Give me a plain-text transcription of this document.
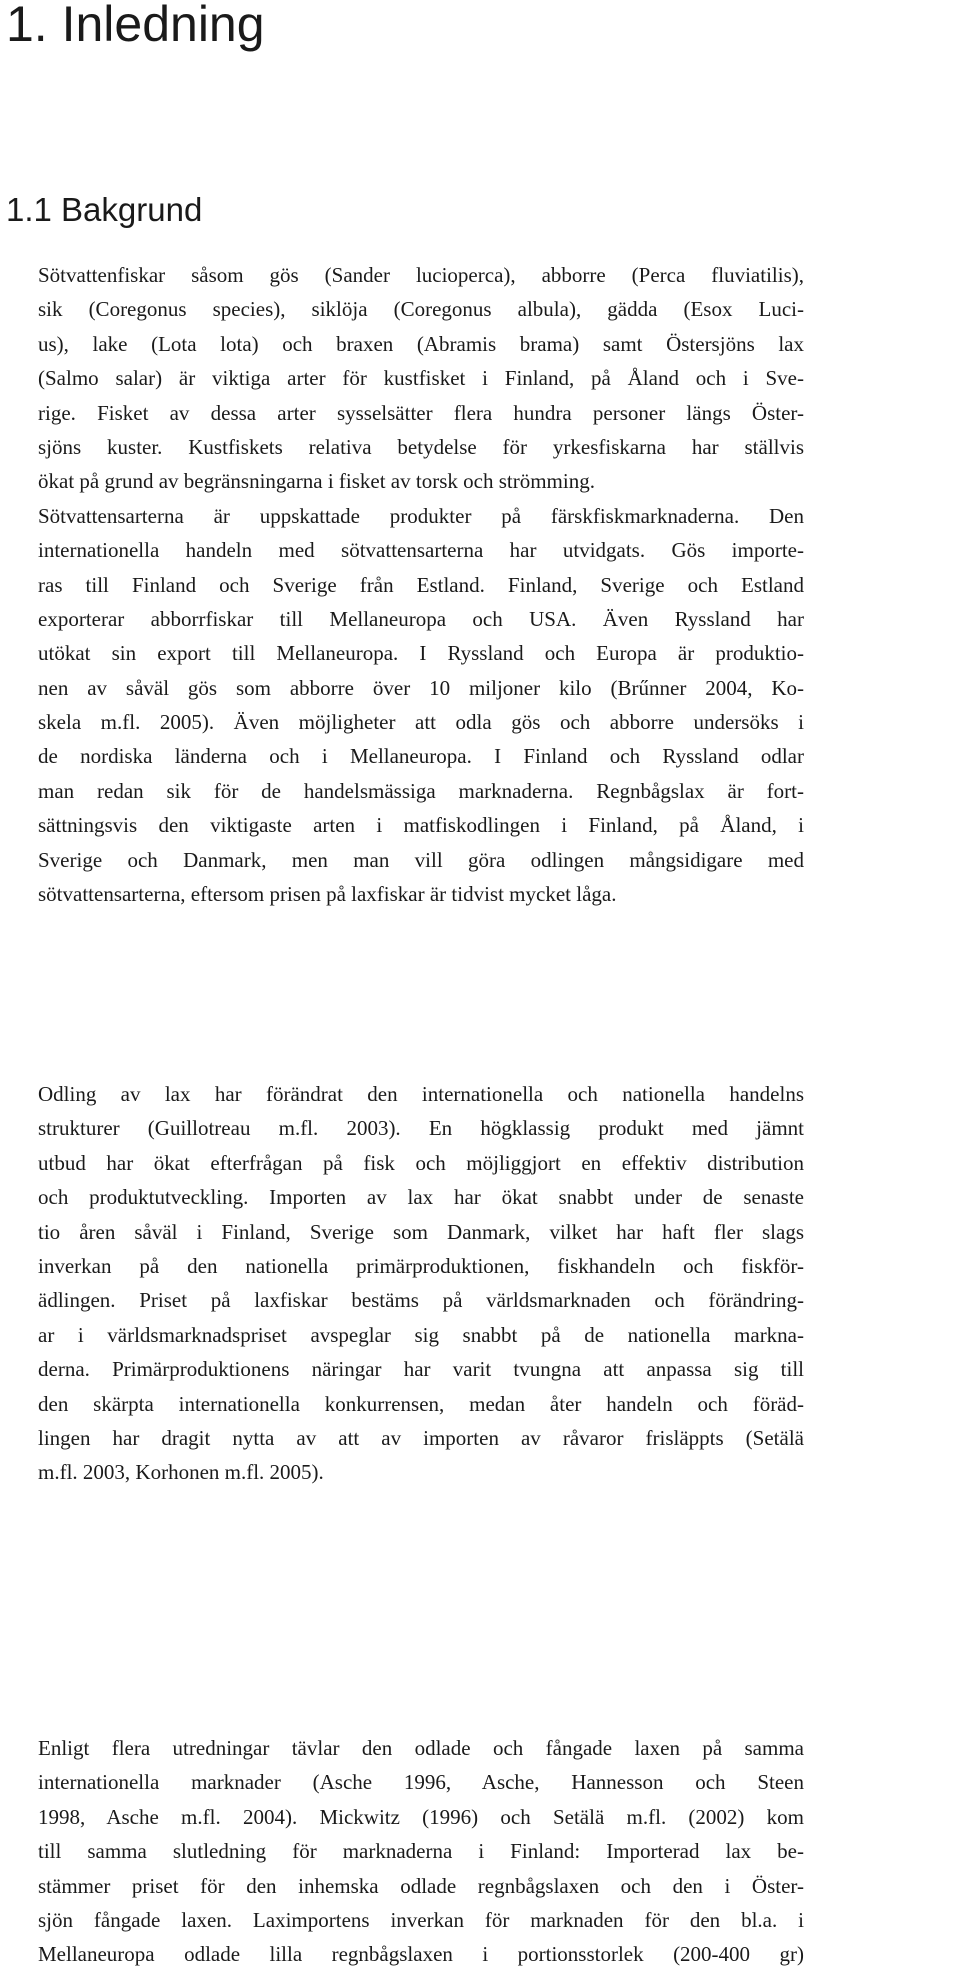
1. Inledning
1.1 Bakgrund
Sötvattenfiskar såsom gös (Sander lucioperca), abborre (Perca fluviatilis),
sik (Coregonus species), siklöja (Coregonus albula), gädda (Esox Luci-
us), lake (Lota lota) och braxen (Abramis brama) samt Östersjöns lax
(Salmo salar) är viktiga arter för kustfisket i Finland, på Åland och i Sve-
rige. Fisket av dessa arter sysselsätter flera hundra personer längs Öster-
sjöns kuster. Kustfiskets relativa betydelse för yrkesfiskarna har ställvis
ökat på grund av begränsningarna i fisket av torsk och strömming.
Sötvattensarterna är uppskattade produkter på färskfiskmarknaderna. Den
internationella handeln med sötvattensarterna har utvidgats. Gös importe-
ras till Finland och Sverige från Estland. Finland, Sverige och Estland
exporterar abborrfiskar till Mellaneuropa och USA. Även Ryssland har
utökat sin export till Mellaneuropa. I Ryssland och Europa är produktio-
nen av såväl gös som abborre över 10 miljoner kilo (Brűnner 2004, Ko-
skela m.fl. 2005). Även möjligheter att odla gös och abborre undersöks i
de nordiska länderna och i Mellaneuropa. I Finland och Ryssland odlar
man redan sik för de handelsmässiga marknaderna. Regnbågslax är fort-
sättningsvis den viktigaste arten i matfiskodlingen i Finland, på Åland, i
Sverige och Danmark, men man vill göra odlingen mångsidigare med
sötvattensarterna, eftersom prisen på laxfiskar är tidvist mycket låga.
Odling av lax har förändrat den internationella och nationella handelns
strukturer (Guillotreau m.fl. 2003). En högklassig produkt med jämnt
utbud har ökat efterfrågan på fisk och möjliggjort en effektiv distribution
och produktutveckling. Importen av lax har ökat snabbt under de senaste
tio åren såväl i Finland, Sverige som Danmark, vilket har haft fler slags
inverkan på den nationella primärproduktionen, fiskhandeln och fiskför-
ädlingen. Priset på laxfiskar bestäms på världsmarknaden och förändring-
ar i världsmarknadspriset avspeglar sig snabbt på de nationella markna-
derna. Primärproduktionens näringar har varit tvungna att anpassa sig till
den skärpta internationella konkurrensen, medan åter handeln och föräd-
lingen har dragit nytta av att av importen av råvaror frisläppts (Setälä
m.fl. 2003, Korhonen m.fl. 2005).
Enligt flera utredningar tävlar den odlade och fångade laxen på samma
internationella marknader (Asche 1996, Asche, Hannesson och Steen
1998, Asche m.fl. 2004). Mickwitz (1996) och Setälä m.fl. (2002) kom
till samma slutledning för marknaderna i Finland: Importerad lax be-
stämmer priset för den inhemska odlade regnbågslaxen och den i Öster-
sjön fångade laxen. Laximportens inverkan för marknaden för den bl.a. i
Mellaneuropa odlade lilla regnbågslaxen i portionsstorlek (200-400 gr)
